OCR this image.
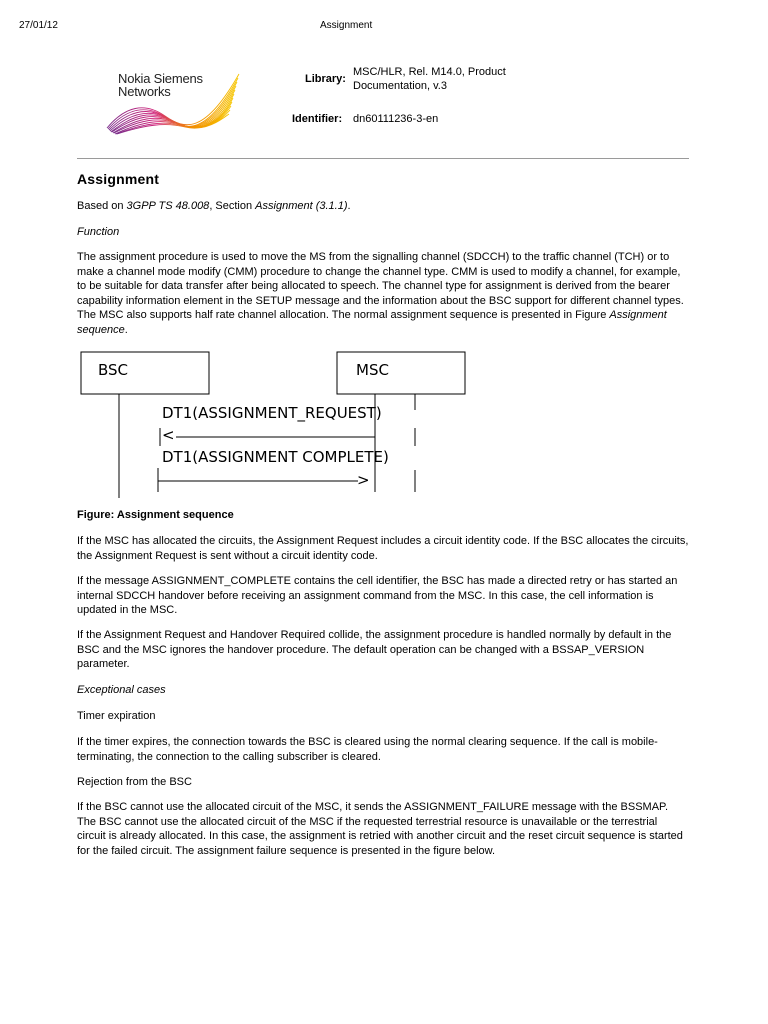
27/01/12	Assignment
Nokia Siemens
Networks
Library:
MSC/HLR, Rel. M14.0, Product
Documentation, v.3
Identifier: dn60111236-3-en
Assignment

Based on 3GPP TS 48.008, Section Assignment (3.1.1).

Function

The assignment procedure is used to move the MS from the signalling channel (SDCCH) to the traffic channel (TCH) or to make a channel mode modify (CMM) procedure to change the channel type. CMM is used to modify a channel, for example, to be suitable for data transfer after being allocated to speech. The channel type for assignment is derived from the bearer capability information element in the SETUP message and the information about the BSC support for different channel types. The MSC also supports half rate channel allocation. The normal assignment sequence is presented in Figure Assignment sequence.

BSC	MSC
DT1(ASSIGNMENT_REQUEST)
<
DT1(ASSIGNMENT COMPLETE)
>

Figure: Assignment sequence

If the MSC has allocated the circuits, the Assignment Request includes a circuit identity code. If the BSC allocates the circuits, the Assignment Request is sent without a circuit identity code.

If the message ASSIGNMENT_COMPLETE contains the cell identifier, the BSC has made a directed retry or has started an internal SDCCH handover before receiving an assignment command from the MSC. In this case, the cell information is updated in the MSC.

If the Assignment Request and Handover Required collide, the assignment procedure is handled normally by default in the BSC and the MSC ignores the handover procedure. The default operation can be changed with a BSSAP_VERSION parameter.

Exceptional cases

Timer expiration

If the timer expires, the connection towards the BSC is cleared using the normal clearing sequence. If the call is mobile-terminating, the connection to the calling subscriber is cleared.

Rejection from the BSC

If the BSC cannot use the allocated circuit of the MSC, it sends the ASSIGNMENT_FAILURE message with the BSSMAP. The BSC cannot use the allocated circuit of the MSC if the requested terrestrial resource is unavailable or the terrestrial circuit is already allocated. In this case, the assignment is retried with another circuit and the reset circuit sequence is started for the failed circuit. The assignment failure sequence is presented in the figure below.
